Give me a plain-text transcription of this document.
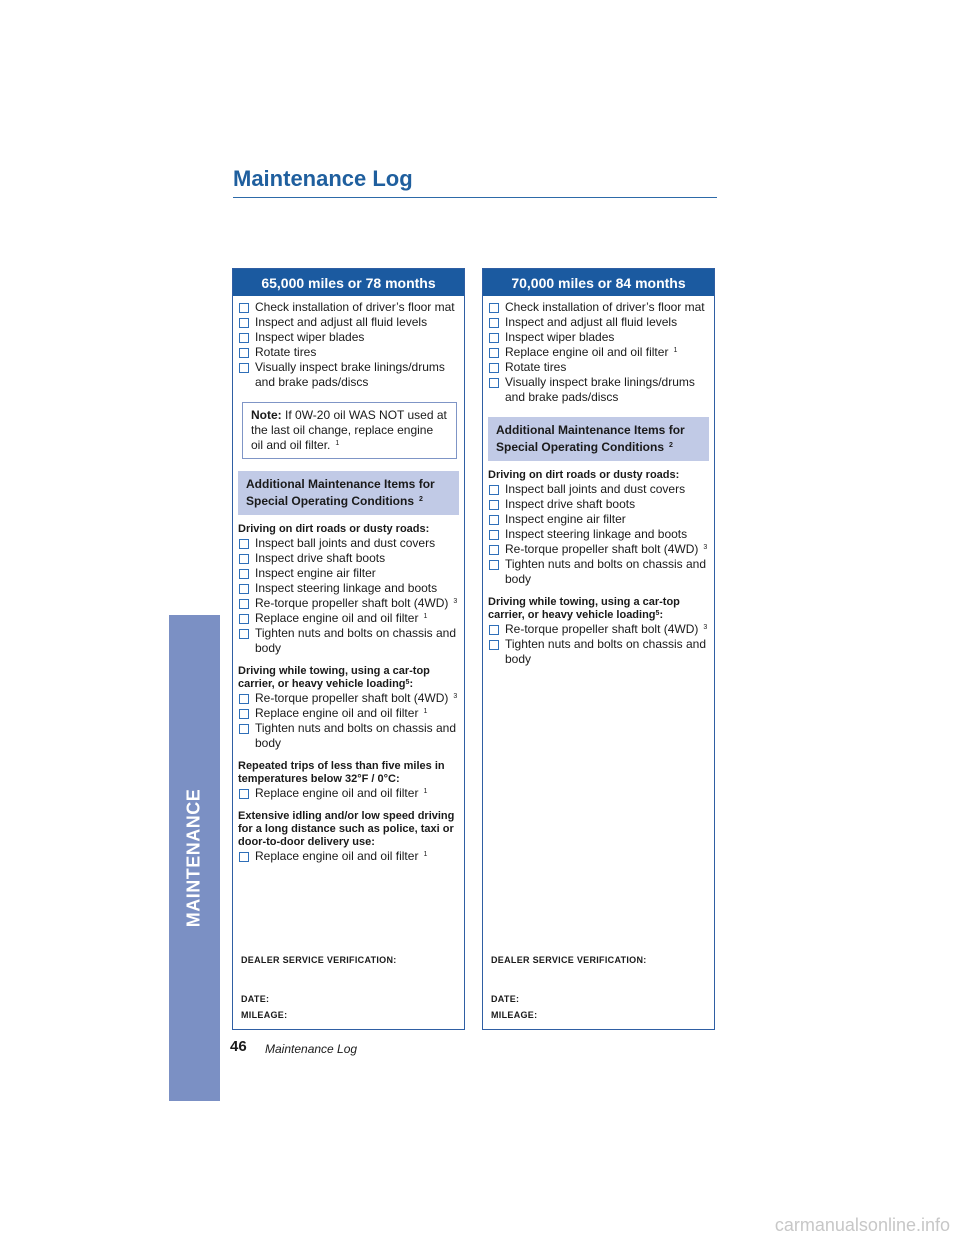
MAINTENANCE
Maintenance Log
65,000 miles or 78 months
Check installation of driver’s floor mat
Inspect and adjust all fluid levels
Inspect wiper blades
Rotate tires
Visually inspect brake linings/drums and brake pads/discs
Note: If 0W-20 oil WAS NOT used at the last oil change, replace engine oil and oil filter. $^1$
Additional Maintenance Items for
Special Operating Conditions $^2$
Driving on dirt roads or dusty roads:
Inspect ball joints and dust covers
Inspect drive shaft boots
Inspect engine air filter
Inspect steering linkage and boots
Re-torque propeller shaft bolt (4WD) $^3$
Replace engine oil and oil filter $^1$
Tighten nuts and bolts on chassis and body
Driving while towing, using a car-top carrier, or heavy vehicle loading$^5$:
Re-torque propeller shaft bolt (4WD) $^3$
Replace engine oil and oil filter $^1$
Tighten nuts and bolts on chassis and body
Repeated trips of less than five miles in temperatures below 32°F / 0°C:
Replace engine oil and oil filter $^1$
Extensive idling and/or low speed driving for a long distance such as police, taxi or door-to-door delivery use:
Replace engine oil and oil filter $^1$
DEALER SERVICE VERIFICATION:
DATE:
MILEAGE:
70,000 miles or 84 months
Check installation of driver’s floor mat
Inspect and adjust all fluid levels
Inspect wiper blades
Replace engine oil and oil filter $^1$
Rotate tires
Visually inspect brake linings/drums and brake pads/discs
Additional Maintenance Items for
Special Operating Conditions $^2$
Driving on dirt roads or dusty roads:
Inspect ball joints and dust covers
Inspect drive shaft boots
Inspect engine air filter
Inspect steering linkage and boots
Re-torque propeller shaft bolt (4WD) $^3$
Tighten nuts and bolts on chassis and body
Driving while towing, using a car-top carrier, or heavy vehicle loading$^5$:
Re-torque propeller shaft bolt (4WD) $^3$
Tighten nuts and bolts on chassis and body
DEALER SERVICE VERIFICATION:
DATE:
MILEAGE:
46 Maintenance Log
carmanualsonline.info
